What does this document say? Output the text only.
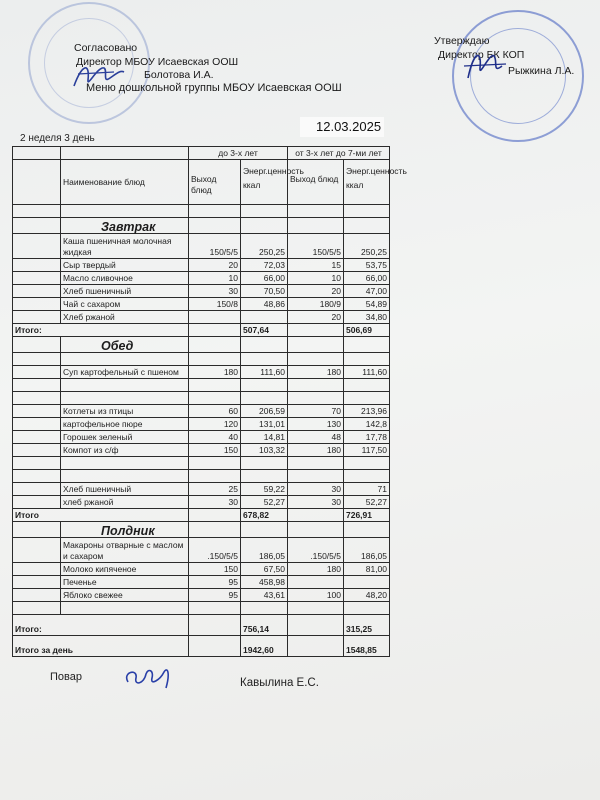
Согласовано
Директор МБОУ Исаевская ООШ
Болотова И.А.
Меню дошкольной группы МБОУ Исаевская ООШ
Утверждаю
Директор БК КОП
Рыжкина Л.А.
12.03.2025
2 неделя 3 день
		до 3-х лет		от 3-х лет до 7-ми лет	
	Наименование блюд	Выход блюд	Энерг.ценность ккал	Выход блюд	Энерг.ценность ккал

	Завтрак				
	Каша пшеничная молочная жидкая	150/5/5	250,25	150/5/5	250,25
	Сыр твердый	20	72,03	15	53,75
	Масло сливочное	10	66,00	10	66,00
	Хлеб пшеничный	30	70,50	20	47,00
	Чай с сахаром	150/8	48,86	180/9	54,89
	Хлеб ржаной			20	34,80
Итого:			507,64		506,69
	Обед				

	Суп картофельный с пшеном	180	111,60	180	111,60

	Котлеты из птицы	60	206,59	70	213,96
	картофельное пюре	120	131,01	130	142,8
	Горошек зеленый	40	14,81	48	17,78
	Компот из с/ф	150	103,32	180	117,50

	Хлеб пшеничный	25	59,22	30	71
	хлеб ржаной	30	52,27	30	52,27
Итого			678,82		726,91
	Полдник				
	Макароны отварные с маслом и сахаром	.150/5/5	186,05	.150/5/5	186,05
	Молоко кипяченое	150	67,50	180	81,00
	Печенье	95	458,98		
	Яблоко свежее	95	43,61	100	48,20

Итого:			756,14		315,25
Итого за день			1942,60		1548,85
Повар	Кавылина Е.С.
